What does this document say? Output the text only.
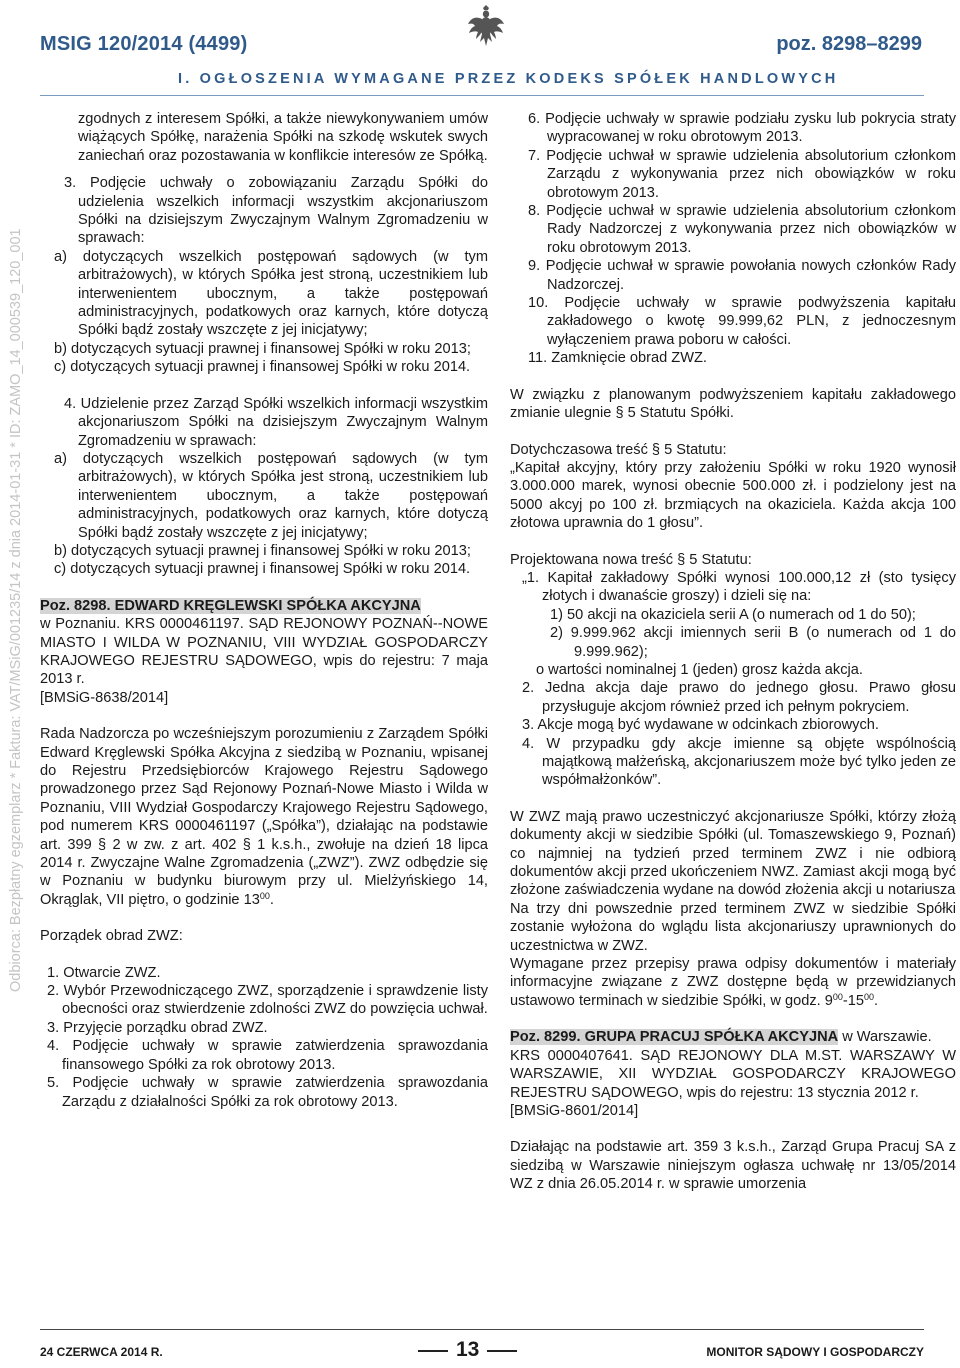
MSIG 120/2014 (4499)	poz. 8298–8299
I. OGŁOSZENIA WYMAGANE PRZEZ KODEKS SPÓŁEK HANDLOWYCH
Odbiorca: Bezpłatny egzemplarz * Faktura: VAT/MSiG/001235/14 z dnia 2014-01-31 * ID: ZAMO_14_000539_120_001

zgodnych z interesem Spółki, a także niewykonywaniem umów wiążących Spółkę, narażenia Spółki na szkodę wskutek swych zaniechań oraz pozostawania w konflikcie interesów ze Spółką.

3. Podjęcie uchwały o zobowiązaniu Zarządu Spółki do udzielenia wszelkich informacji wszystkim akcjonariuszom Spółki na dzisiejszym Zwyczajnym Walnym Zgromadzeniu w sprawach:

a) dotyczących wszelkich postępowań sądowych (w tym arbitrażowych), w których Spółka jest stroną, uczestnikiem lub interwenientem ubocznym, a także postępowań administracyjnych, podatkowych oraz karnych, które dotyczą Spółki bądź zostały wszczęte z jej inicjatywy;

b) dotyczących sytuacji prawnej i finansowej Spółki w roku 2013;

c) dotyczących sytuacji prawnej i finansowej Spółki w roku 2014.

4. Udzielenie przez Zarząd Spółki wszelkich informacji wszystkim akcjonariuszom Spółki na dzisiejszym Zwyczajnym Walnym Zgromadzeniu w sprawach:

a) dotyczących wszelkich postępowań sądowych (w tym arbitrażowych), w których Spółka jest stroną, uczestnikiem lub interwenientem ubocznym, a także postępowań administracyjnych, podatkowych oraz karnych, które dotyczą Spółki bądź zostały wszczęte z jej inicjatywy;

b) dotyczących sytuacji prawnej i finansowej Spółki w roku 2013;

c) dotyczących sytuacji prawnej i finansowej Spółki w roku 2014.

Poz. 8298. EDWARD KRĘGLEWSKI SPÓŁKA AKCYJNA
w Poznaniu. KRS 0000461197. SĄD REJONOWY POZNAŃ--NOWE MIASTO I WILDA W POZNANIU, VIII WYDZIAŁ GOSPODARCZY KRAJOWEGO REJESTRU SĄDOWEGO, wpis do rejestru: 7 maja 2013 r.

[BMSiG-8638/2014]

Rada Nadzorcza po wcześniejszym porozumieniu z Zarządem Spółki Edward Kręglewski Spółka Akcyjna z siedzibą w Poznaniu, wpisanej do Rejestru Przedsiębiorców Krajowego Rejestru Sądowego prowadzonego przez Sąd Rejonowy Poznań-Nowe Miasto i Wilda w Poznaniu, VIII Wydział Gospodarczy Krajowego Rejestru Sądowego, pod numerem KRS 0000461197 („Spółka”), działając na podstawie art. 399 § 2 w zw. z art. 402 § 1 k.s.h., zwołuje na dzień 18 lipca 2014 r. Zwyczajne Walne Zgromadzenia („ZWZ”). ZWZ odbędzie się w Poznaniu w budynku biurowym przy ul. Mielżyńskiego 14, Okrąglak, VII piętro, o godzinie $13^{00}$.

Porządek obrad ZWZ:

1. Otwarcie ZWZ.

2. Wybór Przewodniczącego ZWZ, sporządzenie i sprawdzenie listy obecności oraz stwierdzenie zdolności ZWZ do powzięcia uchwał.

3. Przyjęcie porządku obrad ZWZ.

4. Podjęcie uchwały w sprawie zatwierdzenia sprawozdania finansowego Spółki za rok obrotowy 2013.

5. Podjęcie uchwały w sprawie zatwierdzenia sprawozdania Zarządu z działalności Spółki za rok obrotowy 2013.

6. Podjęcie uchwały w sprawie podziału zysku lub pokrycia straty wypracowanej w roku obrotowym 2013.

7. Podjęcie uchwał w sprawie udzielenia absolutorium członkom Zarządu z wykonywania przez nich obowiązków w roku obrotowym 2013.

8. Podjęcie uchwał w sprawie udzielenia absolutorium członkom Rady Nadzorczej z wykonywania przez nich obowiązków w roku obrotowym 2013.

9. Podjęcie uchwał w sprawie powołania nowych członków Rady Nadzorczej.

10. Podjęcie uchwały w sprawie podwyższenia kapitału zakładowego o kwotę 99.999,62 PLN, z jednoczesnym wyłączeniem prawa poboru w całości.

11. Zamknięcie obrad ZWZ.

W związku z planowanym podwyższeniem kapitału zakładowego zmianie ulegnie § 5 Statutu Spółki.

Dotychczasowa treść § 5 Statutu:

„Kapitał akcyjny, który przy założeniu Spółki w roku 1920 wynosił 3.000.000 marek, wynosi obecnie 500.000 zł. i podzielony jest na 5000 akcyj po 100 zł. brzmiących na okaziciela. Każda akcja 100 złotowa uprawnia do 1 głosu”.

Projektowana nowa treść § 5 Statutu:

„1. Kapitał zakładowy Spółki wynosi 100.000,12 zł (sto tysięcy złotych i dwanaście groszy) i dzieli się na:

1) 50 akcji na okaziciela serii A (o numerach od 1 do 50);

2) 9.999.962 akcji imiennych serii B (o numerach od 1 do 9.999.962);

o wartości nominalnej 1 (jeden) grosz każda akcja.

2. Jedna akcja daje prawo do jednego głosu. Prawo głosu przysługuje akcjom również przed ich pełnym pokryciem.

3. Akcje mogą być wydawane w odcinkach zbiorowych.

4. W przypadku gdy akcje imienne są objęte wspólnością majątkową małżeńską, akcjonariuszem może być tylko jeden ze współmałżonków”.

W ZWZ mają prawo uczestniczyć akcjonariusze Spółki, którzy złożą dokumenty akcji w siedzibie Spółki (ul. Tomaszewskiego 9, Poznań) co najmniej na tydzień przed terminem ZWZ i nie odbiorą dokumentów akcji przed ukończeniem NWZ. Zamiast akcji mogą być złożone zaświadczenia wydane na dowód złożenia akcji u notariusza

Na trzy dni powszednie przed terminem ZWZ w siedzibie Spółki zostanie wyłożona do wglądu lista akcjonariuszy uprawnionych do uczestnictwa w ZWZ.

Wymagane przez przepisy prawa odpisy dokumentów i materiały informacyjne związane z ZWZ dostępne będą w przewidzianych ustawowo terminach w siedzibie Spółki, w godz. $9^{00}-15^{00}$.

Poz. 8299. GRUPA PRACUJ SPÓŁKA AKCYJNA w Warszawie.
KRS 0000407641. SĄD REJONOWY DLA M.ST. WARSZAWY W WARSZAWIE, XII WYDZIAŁ GOSPODARCZY KRAJOWEGO REJESTRU SĄDOWEGO, wpis do rejestru: 13 stycznia 2012 r.

[BMSiG-8601/2014]

Działając na podstawie art. 359 3 k.s.h., Zarząd Grupa Pracuj SA z siedzibą w Warszawie niniejszym ogłasza uchwałę nr 13/05/2014 WZ z dnia 26.05.2014 r. w sprawie umorzenia

24 CZERWCA 2014 R.	13	MONITOR SĄDOWY I GOSPODARCZY
